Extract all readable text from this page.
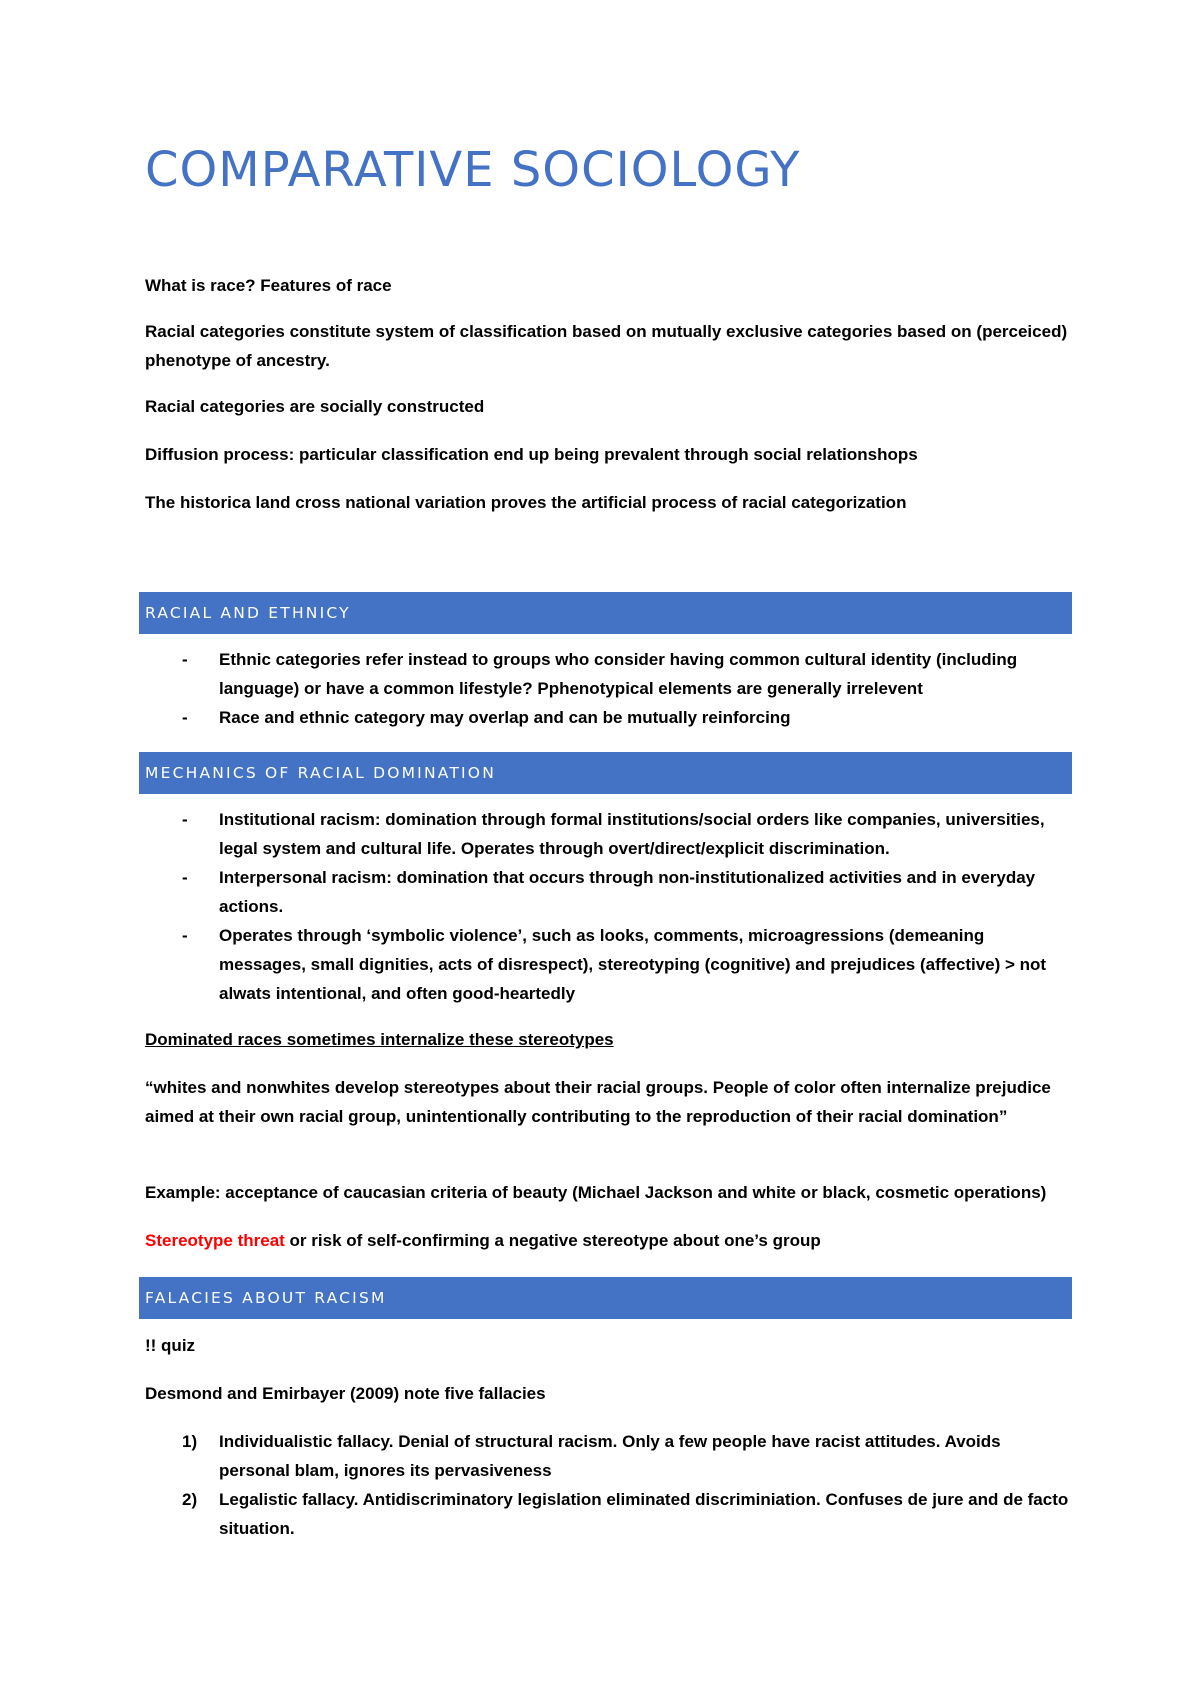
COMPARATIVE SOCIOLOGY

What is race? Features of race

Racial categories constitute system of classification based on mutually exclusive categories based on (perceiced) phenotype of ancestry.

Racial categories are socially constructed

Diffusion process: particular classification end up being prevalent through social relationshops

The historica land cross national variation proves the artificial process of racial categorization

RACIAL AND ETHNICY
- Ethnic categories refer instead to groups who consider having common cultural identity (including language) or have a common lifestyle? Pphenotypical elements are generally irrelevent
- Race and ethnic category may overlap and can be mutually reinforcing
MECHANICS OF RACIAL DOMINATION
- Institutional racism: domination through formal institutions/social orders like companies, universities, legal system and cultural life. Operates through overt/direct/explicit discrimination.
- Interpersonal racism: domination that occurs through non-institutionalized activities and in everyday actions.
- Operates through ‘symbolic violence’, such as looks, comments, microagressions (demeaning messages, small dignities, acts of disrespect), stereotyping (cognitive) and prejudices (affective) > not alwats intentional, and often good-heartedly

Dominated races sometimes internalize these stereotypes

“whites and nonwhites develop stereotypes about their racial groups. People of color often internalize prejudice aimed at their own racial group, unintentionally contributing to the reproduction of their racial domination”

Example: acceptance of caucasian criteria of beauty (Michael Jackson and white or black, cosmetic operations)

Stereotype threat or risk of self-confirming a negative stereotype about one’s group

FALACIES ABOUT RACISM

!! quiz

Desmond and Emirbayer (2009) note five fallacies

1) Individualistic fallacy. Denial of structural racism. Only a few people have racist attitudes. Avoids personal blam, ignores its pervasiveness
2) Legalistic fallacy. Antidiscriminatory legislation eliminated discriminiation. Confuses de jure and de facto situation.
